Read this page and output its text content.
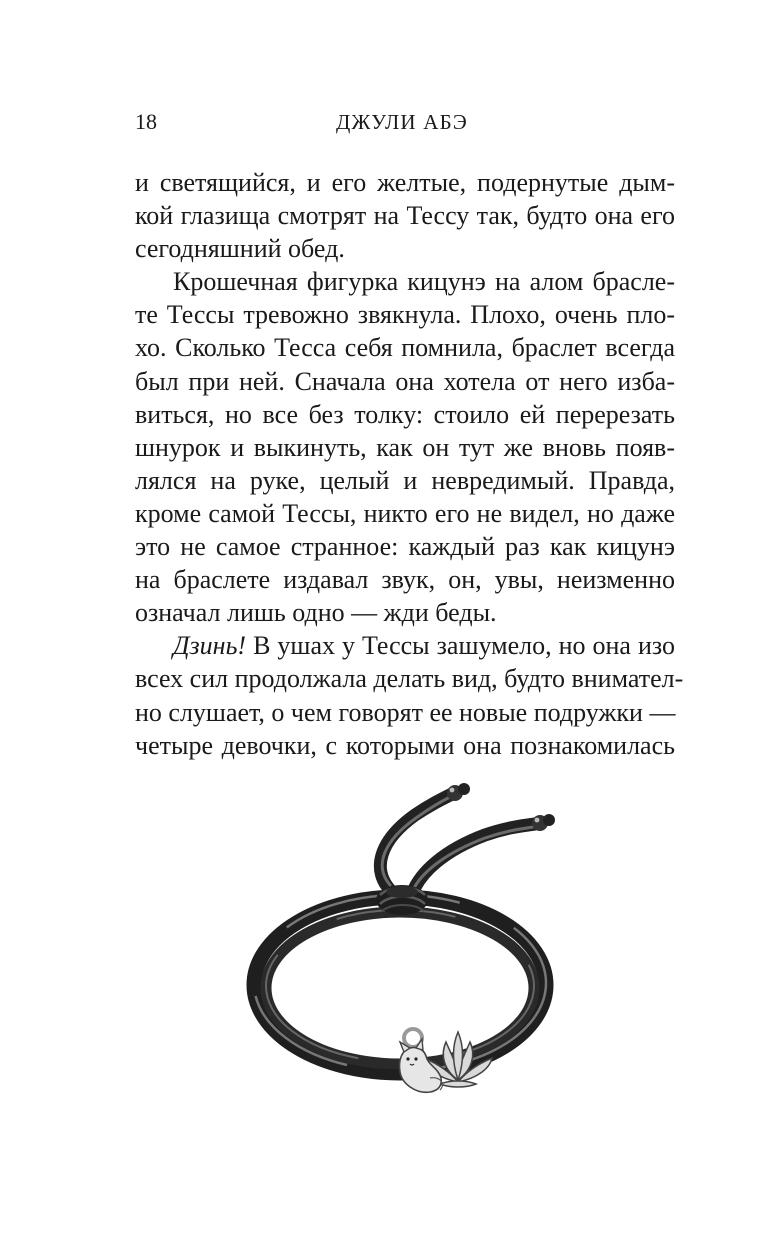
18	ДЖУЛИ АБЭ

и светящийся, и его желтые, подернутые дым-
кой глазища смотрят на Тессу так, будто она его
сегодняшний обед.

Крошечная фигурка кицунэ на алом брасле-
те Тессы тревожно звякнула. Плохо, очень пло-
хо. Сколько Тесса себя помнила, браслет всегда
был при ней. Сначала она хотела от него изба-
виться, но все без толку: стоило ей перерезать
шнурок и выкинуть, как он тут же вновь появ-
лялся на руке, целый и невредимый. Правда,
кроме самой Тессы, никто его не видел, но даже
это не самое странное: каждый раз как кицунэ
на браслете издавал звук, он, увы, неизменно
означал лишь одно — жди беды.

Дзинь! В ушах у Тессы зашумело, но она изо
всех сил продолжала делать вид, будто внимател-
но слушает, о чем говорят ее новые подружки —
четыре девочки, с которыми она познакомилась
